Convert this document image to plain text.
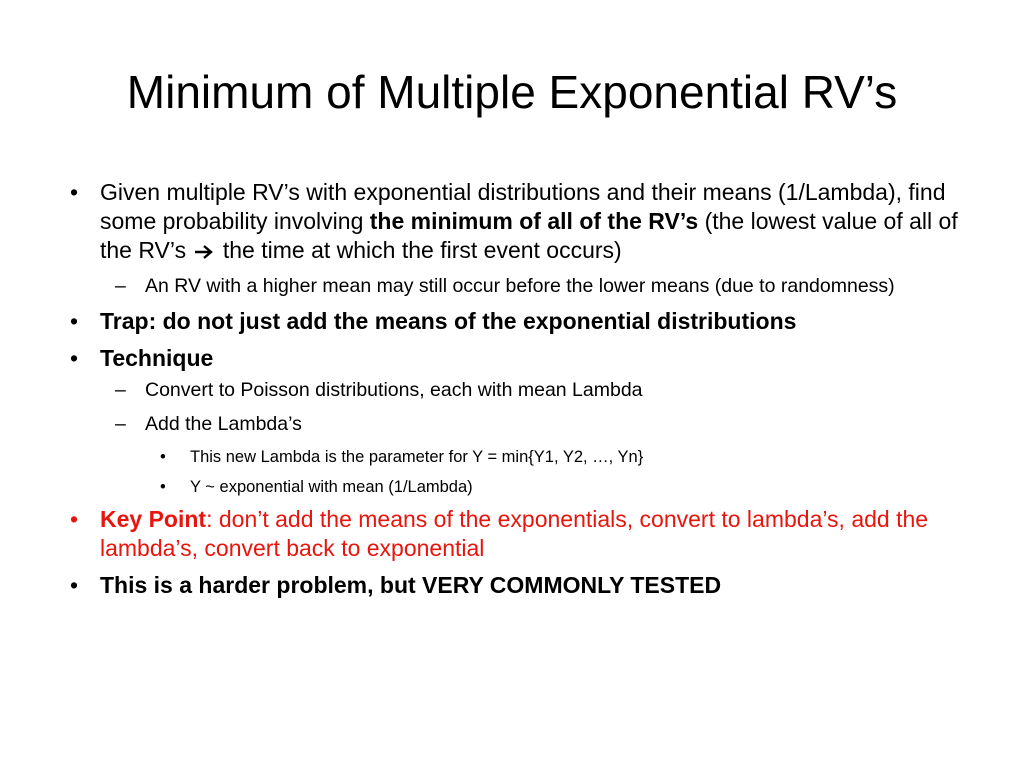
Minimum of Multiple Exponential RV’s
• Given multiple RV’s with exponential distributions and their means (1/Lambda), find some probability involving the minimum of all of the RV’s (the lowest value of all of the RV’s  the time at which the first event occurs)
– An RV with a higher mean may still occur before the lower means (due to randomness)
• Trap: do not just add the means of the exponential distributions
• Technique
– Convert to Poisson distributions, each with mean Lambda
– Add the Lambda’s
•	This new Lambda is the parameter for Y = min{Y1, Y2, …, Yn}
•	Y ~ exponential with mean (1/Lambda)
• Key Point: don’t add the means of the exponentials, convert to lambda’s, add the lambda’s, convert back to exponential
• This is a harder problem, but VERY COMMONLY TESTED
